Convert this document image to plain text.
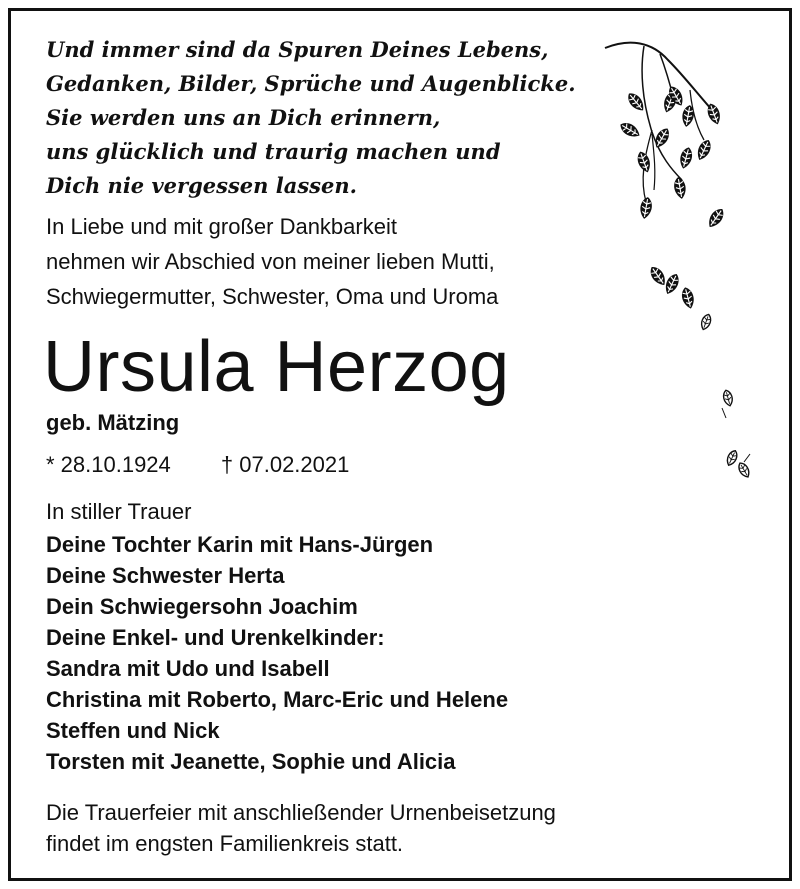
Und immer sind da Spuren Deines Lebens,
Gedanken, Bilder, Sprüche und Augenblicke.
Sie werden uns an Dich erinnern,
uns glücklich und traurig machen und
Dich nie vergessen lassen.
In Liebe und mit großer Dankbarkeit
nehmen wir Abschied von meiner lieben Mutti,
Schwiegermutter, Schwester, Oma und Uroma
Ursula Herzog
geb. Mätzing
* 28.10.1924 † 07.02.2021
In stiller Trauer
Deine Tochter Karin mit Hans-Jürgen
Deine Schwester Herta
Dein Schwiegersohn Joachim
Deine Enkel- und Urenkelkinder:
Sandra mit Udo und Isabell
Christina mit Roberto, Marc-Eric und Helene
Steffen und Nick
Torsten mit Jeanette, Sophie und Alicia
Die Trauerfeier mit anschließender Urnenbeisetzung
findet im engsten Familienkreis statt.
